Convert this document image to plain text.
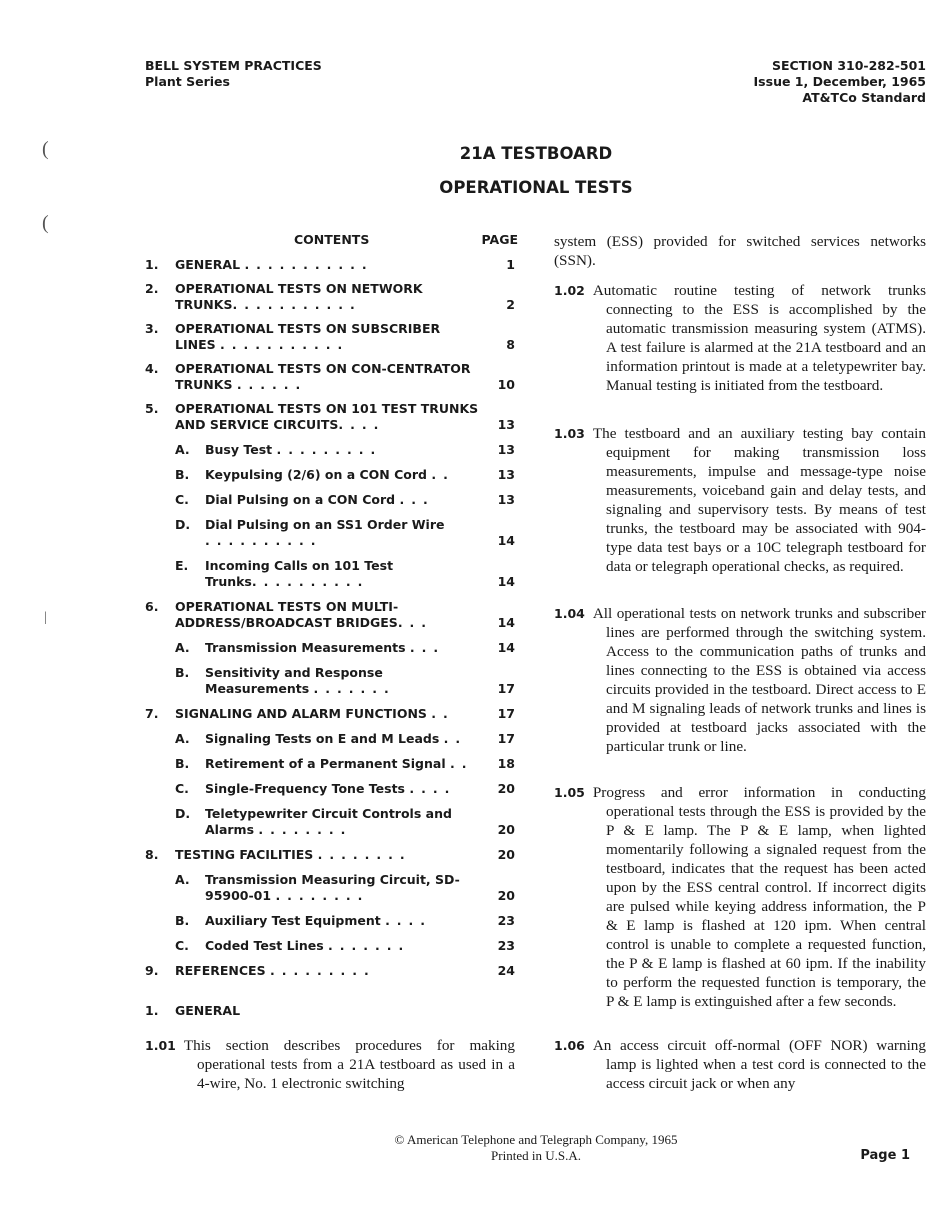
BELL SYSTEM PRACTICES
Plant Series
SECTION 310-282-501
Issue 1, December, 1965
AT&TCo Standard
(
(
|
21A TESTBOARD
OPERATIONAL TESTS
CONTENTS	PAGE
1. GENERAL ...........	1
2. OPERATIONAL TESTS ON NETWORK TRUNKS...........	2
3. OPERATIONAL TESTS ON SUBSCRIBER LINES ...........	8
4. OPERATIONAL TESTS ON CON-CENTRATOR TRUNKS ......	10
5. OPERATIONAL TESTS ON 101 TEST TRUNKS AND SERVICE CIRCUITS....	13
A. Busy Test .........	13
B. Keypulsing (2/6) on a CON Cord ..	13
C. Dial Pulsing on a CON Cord ...	13
D. Dial Pulsing on an SS1 Order Wire ..........	14
E. Incoming Calls on 101 Test Trunks..........	14
6. OPERATIONAL TESTS ON MULTI-ADDRESS/BROADCAST BRIDGES...	14
A. Transmission Measurements ...	14
B. Sensitivity and Response Measurements .......	17
7. SIGNALING AND ALARM FUNCTIONS ..	17
A. Signaling Tests on E and M Leads ..	17
B. Retirement of a Permanent Signal ..	18
C. Single-Frequency Tone Tests ....	20
D. Teletypewriter Circuit Controls and Alarms ........	20
8. TESTING FACILITIES ........	20
A. Transmission Measuring Circuit, SD-95900-01 ........	20
B. Auxiliary Test Equipment ....	23
C. Coded Test Lines .......	23
9. REFERENCES .........	24
1. GENERAL
1.01 This section describes procedures for making operational tests from a 21A testboard as used in a 4-wire, No. 1 electronic switching
system (ESS) provided for switched services networks (SSN).
1.02 Automatic routine testing of network trunks connecting to the ESS is accomplished by the automatic transmission measuring system (ATMS). A test failure is alarmed at the 21A testboard and an information printout is made at a teletypewriter bay. Manual testing is initiated from the testboard.
1.03 The testboard and an auxiliary testing bay contain equipment for making transmission loss measurements, impulse and message-type noise measurements, voiceband gain and delay tests, and signaling and supervisory tests. By means of test trunks, the testboard may be associated with 904-type data test bays or a 10C telegraph testboard for data or telegraph operational checks, as required.
1.04 All operational tests on network trunks and subscriber lines are performed through the switching system. Access to the communication paths of trunks and lines connecting to the ESS is obtained via access circuits provided in the testboard. Direct access to E and M signaling leads of network trunks and lines is provided at testboard jacks associated with the particular trunk or line.
1.05 Progress and error information in conducting operational tests through the ESS is provided by the P & E lamp. The P & E lamp, when lighted momentarily following a signaled request from the testboard, indicates that the request has been acted upon by the ESS central control. If incorrect digits are pulsed while keying address information, the P & E lamp is flashed at 120 ipm. When central control is unable to complete a requested function, the P & E lamp is flashed at 60 ipm. If the inability to perform the requested function is temporary, the P & E lamp is extinguished after a few seconds.
1.06 An access circuit off-normal (OFF NOR) warning lamp is lighted when a test cord is connected to the access circuit jack or when any
© American Telephone and Telegraph Company, 1965
Printed in U.S.A.	Page 1
